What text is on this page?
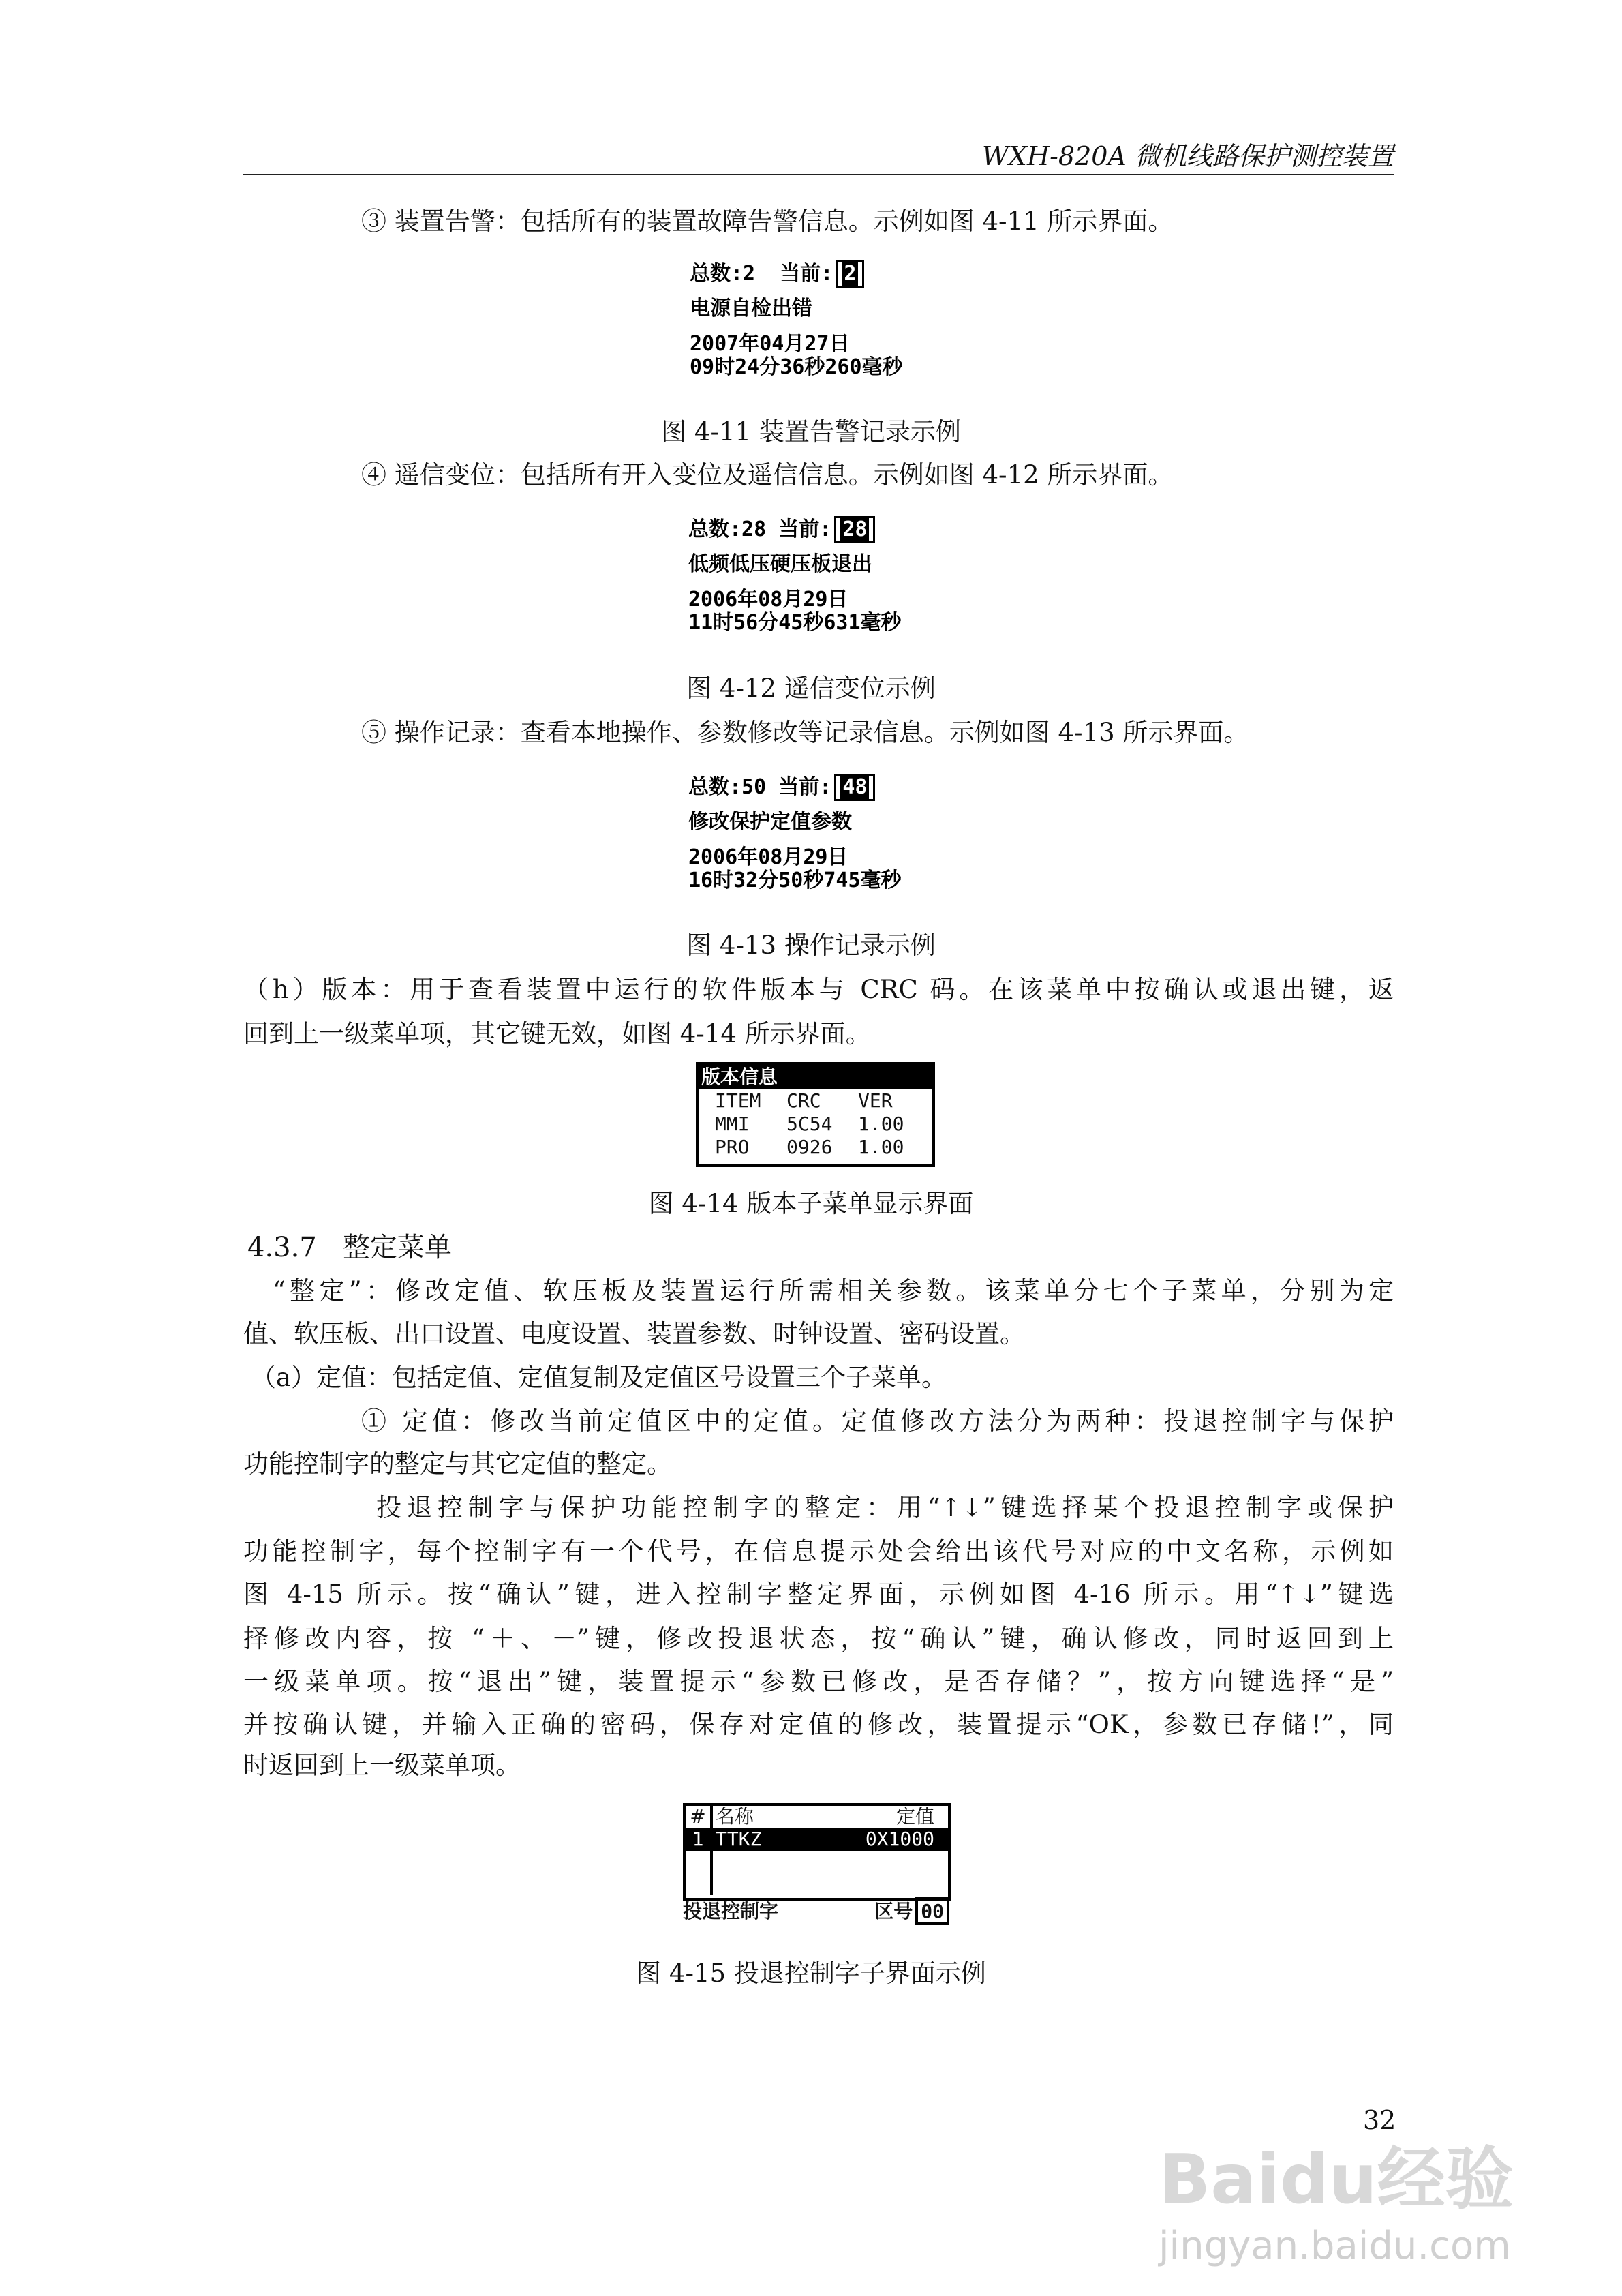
WXH-820A 微机线路保护测控装置
③ 装置告警：包括所有的装置故障告警信息。示例如图 4-11 所示界面。
总数:2 当前: 2
电源自检出错
2007年04月27日
09时24分36秒260毫秒
图 4-11 装置告警记录示例
④ 遥信变位：包括所有开入变位及遥信信息。示例如图 4-12 所示界面。
总数:28 当前: 28
低频低压硬压板退出
2006年08月29日
11时56分45秒631毫秒
图 4-12 遥信变位示例
⑤ 操作记录：查看本地操作、参数修改等记录信息。示例如图 4-13 所示界面。
总数:50 当前: 48
修改保护定值参数
2006年08月29日
16时32分50秒745毫秒
图 4-13 操作记录示例
（h）版本：用于查看装置中运行的软件版本与 CRC 码。在该菜单中按确认或退出键，返
回到上一级菜单项，其它键无效，如图 4-14 所示界面。
版本信息
ITEM	CRC	VER
MMI	5C54	1.00
PRO	0926	1.00
图 4-14 版本子菜单显示界面
4.3.7 整定菜单
“整定”：修改定值、软压板及装置运行所需相关参数。该菜单分七个子菜单，分别为定
值、软压板、出口设置、电度设置、装置参数、时钟设置、密码设置。
（a）定值：包括定值、定值复制及定值区号设置三个子菜单。
① 定值：修改当前定值区中的定值。定值修改方法分为两种：投退控制字与保护
功能控制字的整定与其它定值的整定。
投退控制字与保护功能控制字的整定：用“↑↓”键选择某个投退控制字或保护
功能控制字，每个控制字有一个代号，在信息提示处会给出该代号对应的中文名称，示例如
图 4-15 所示。按“确认”键，进入控制字整定界面，示例如图 4-16 所示。用“↑↓”键选
择修改内容，按 “＋、－”键，修改投退状态，按“确认”键，确认修改，同时返回到上
一级菜单项。按“退出”键，装置提示“参数已修改，是否存储？”，按方向键选择“是”
并按确认键，并输入正确的密码，保存对定值的修改，装置提示“OK，参数已存储!”，同
时返回到上一级菜单项。
# 名称	定值
1 TTKZ	0X1000
投退控制字	区号 00
图 4-15 投退控制字子界面示例
32
Baidu经验
jingyan.baidu.com
